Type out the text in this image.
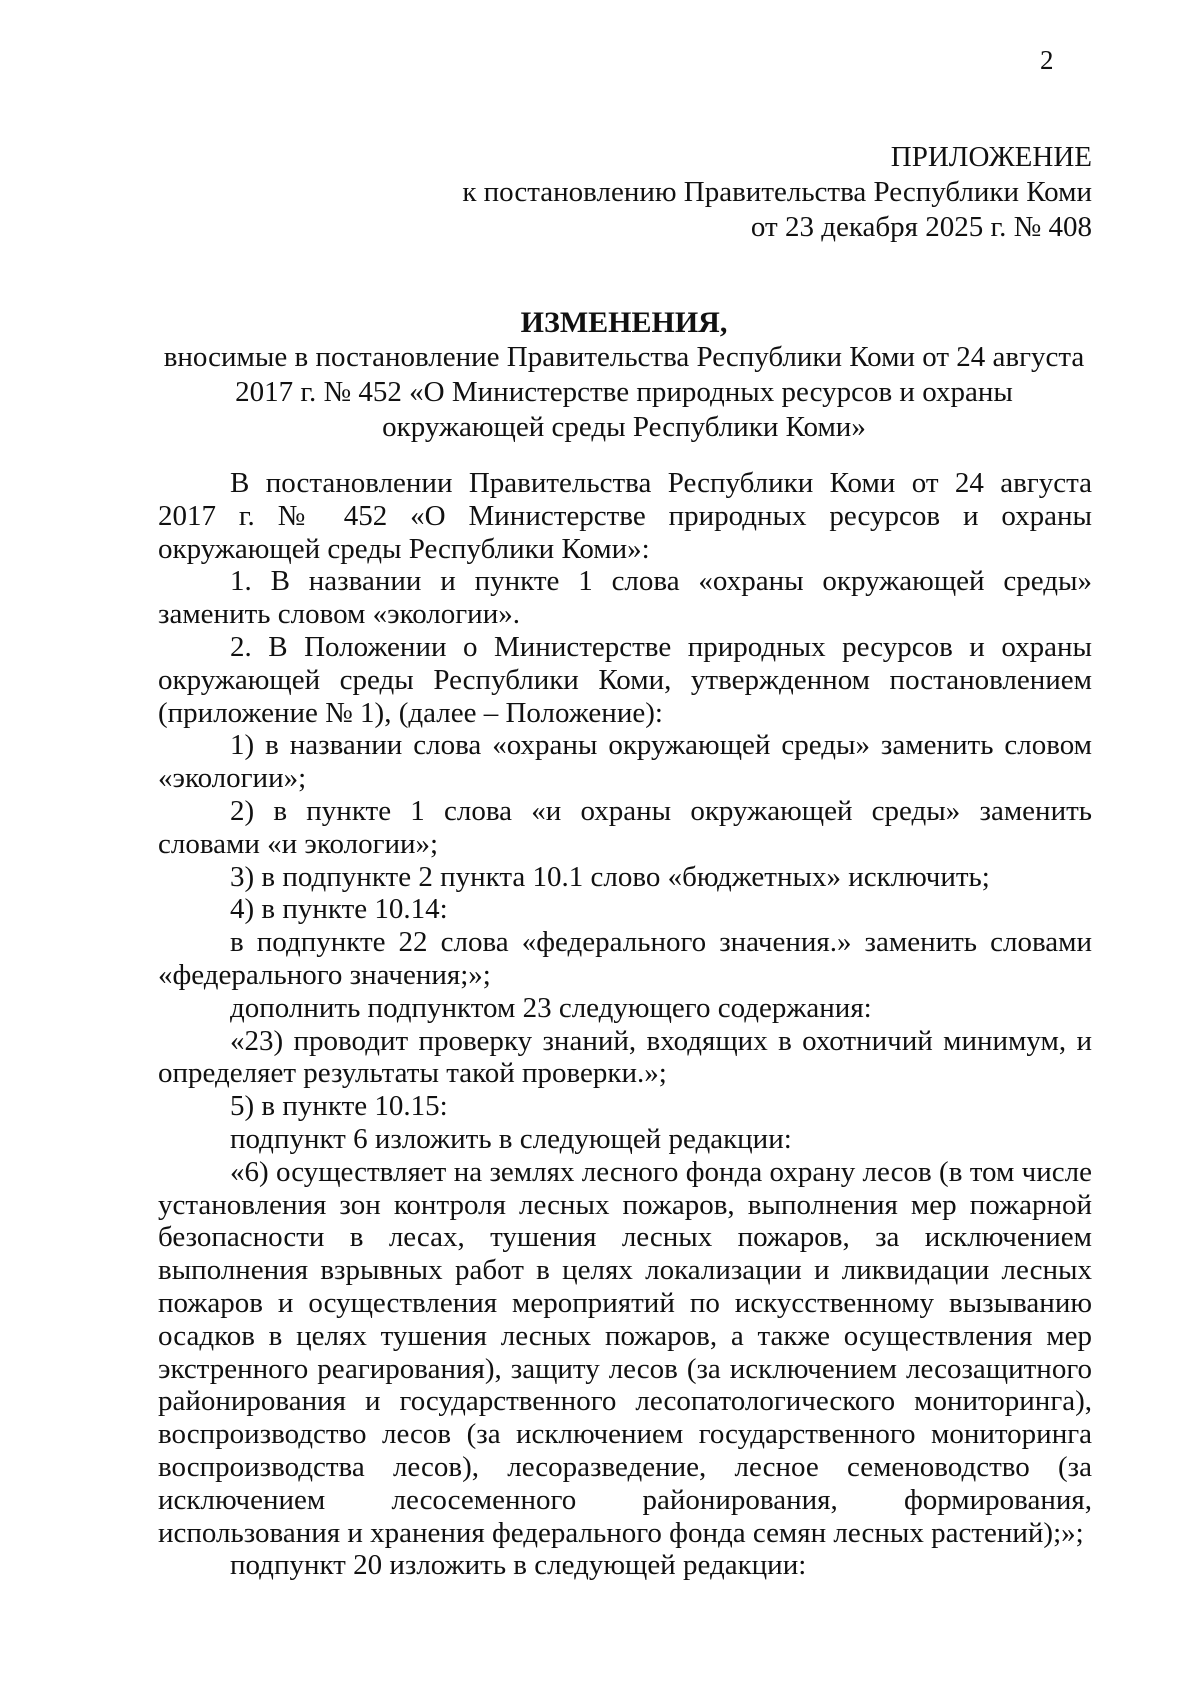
2
ПРИЛОЖЕНИЕ
к постановлению Правительства Республики Коми
от 23 декабря 2025 г. № 408
ИЗМЕНЕНИЯ,
вносимые в постановление Правительства Республики Коми от 24 августа 2017 г. № 452 «О Министерстве природных ресурсов и охраны окружающей среды Республики Коми»

В постановлении Правительства Республики Коми от 24 августа 2017 г. № 452 «О Министерстве природных ресурсов и охраны окружающей среды Республики Коми»:

1. В названии и пункте 1 слова «охраны окружающей среды» заменить словом «экологии».

2. В Положении о Министерстве природных ресурсов и охраны окружающей среды Республики Коми, утвержденном постановлением (приложение № 1), (далее – Положение):

1) в названии слова «охраны окружающей среды» заменить словом «экологии»;

2) в пункте 1 слова «и охраны окружающей среды» заменить словами «и экологии»;

3) в подпункте 2 пункта 10.1 слово «бюджетных» исключить;

4) в пункте 10.14:

в подпункте 22 слова «федерального значения.» заменить словами «федерального значения;»;

дополнить подпунктом 23 следующего содержания:

«23) проводит проверку знаний, входящих в охотничий минимум, и определяет результаты такой проверки.»;

5) в пункте 10.15:

подпункт 6 изложить в следующей редакции:

«6) осуществляет на землях лесного фонда охрану лесов (в том числе установления зон контроля лесных пожаров, выполнения мер пожарной безопасности в лесах, тушения лесных пожаров, за исключением выполнения взрывных работ в целях локализации и ликвидации лесных пожаров и осуществления мероприятий по искусственному вызыванию осадков в целях тушения лесных пожаров, а также осуществления мер экстренного реагирования), защиту лесов (за исключением лесозащитного районирования и государственного лесопатологического мониторинга), воспроизводство лесов (за исключением государственного мониторинга воспроизводства лесов), лесоразведение, лесное семеноводство (за исключением лесосеменного районирования, формирования, использования и хранения федерального фонда семян лесных растений);»;

подпункт 20 изложить в следующей редакции:
